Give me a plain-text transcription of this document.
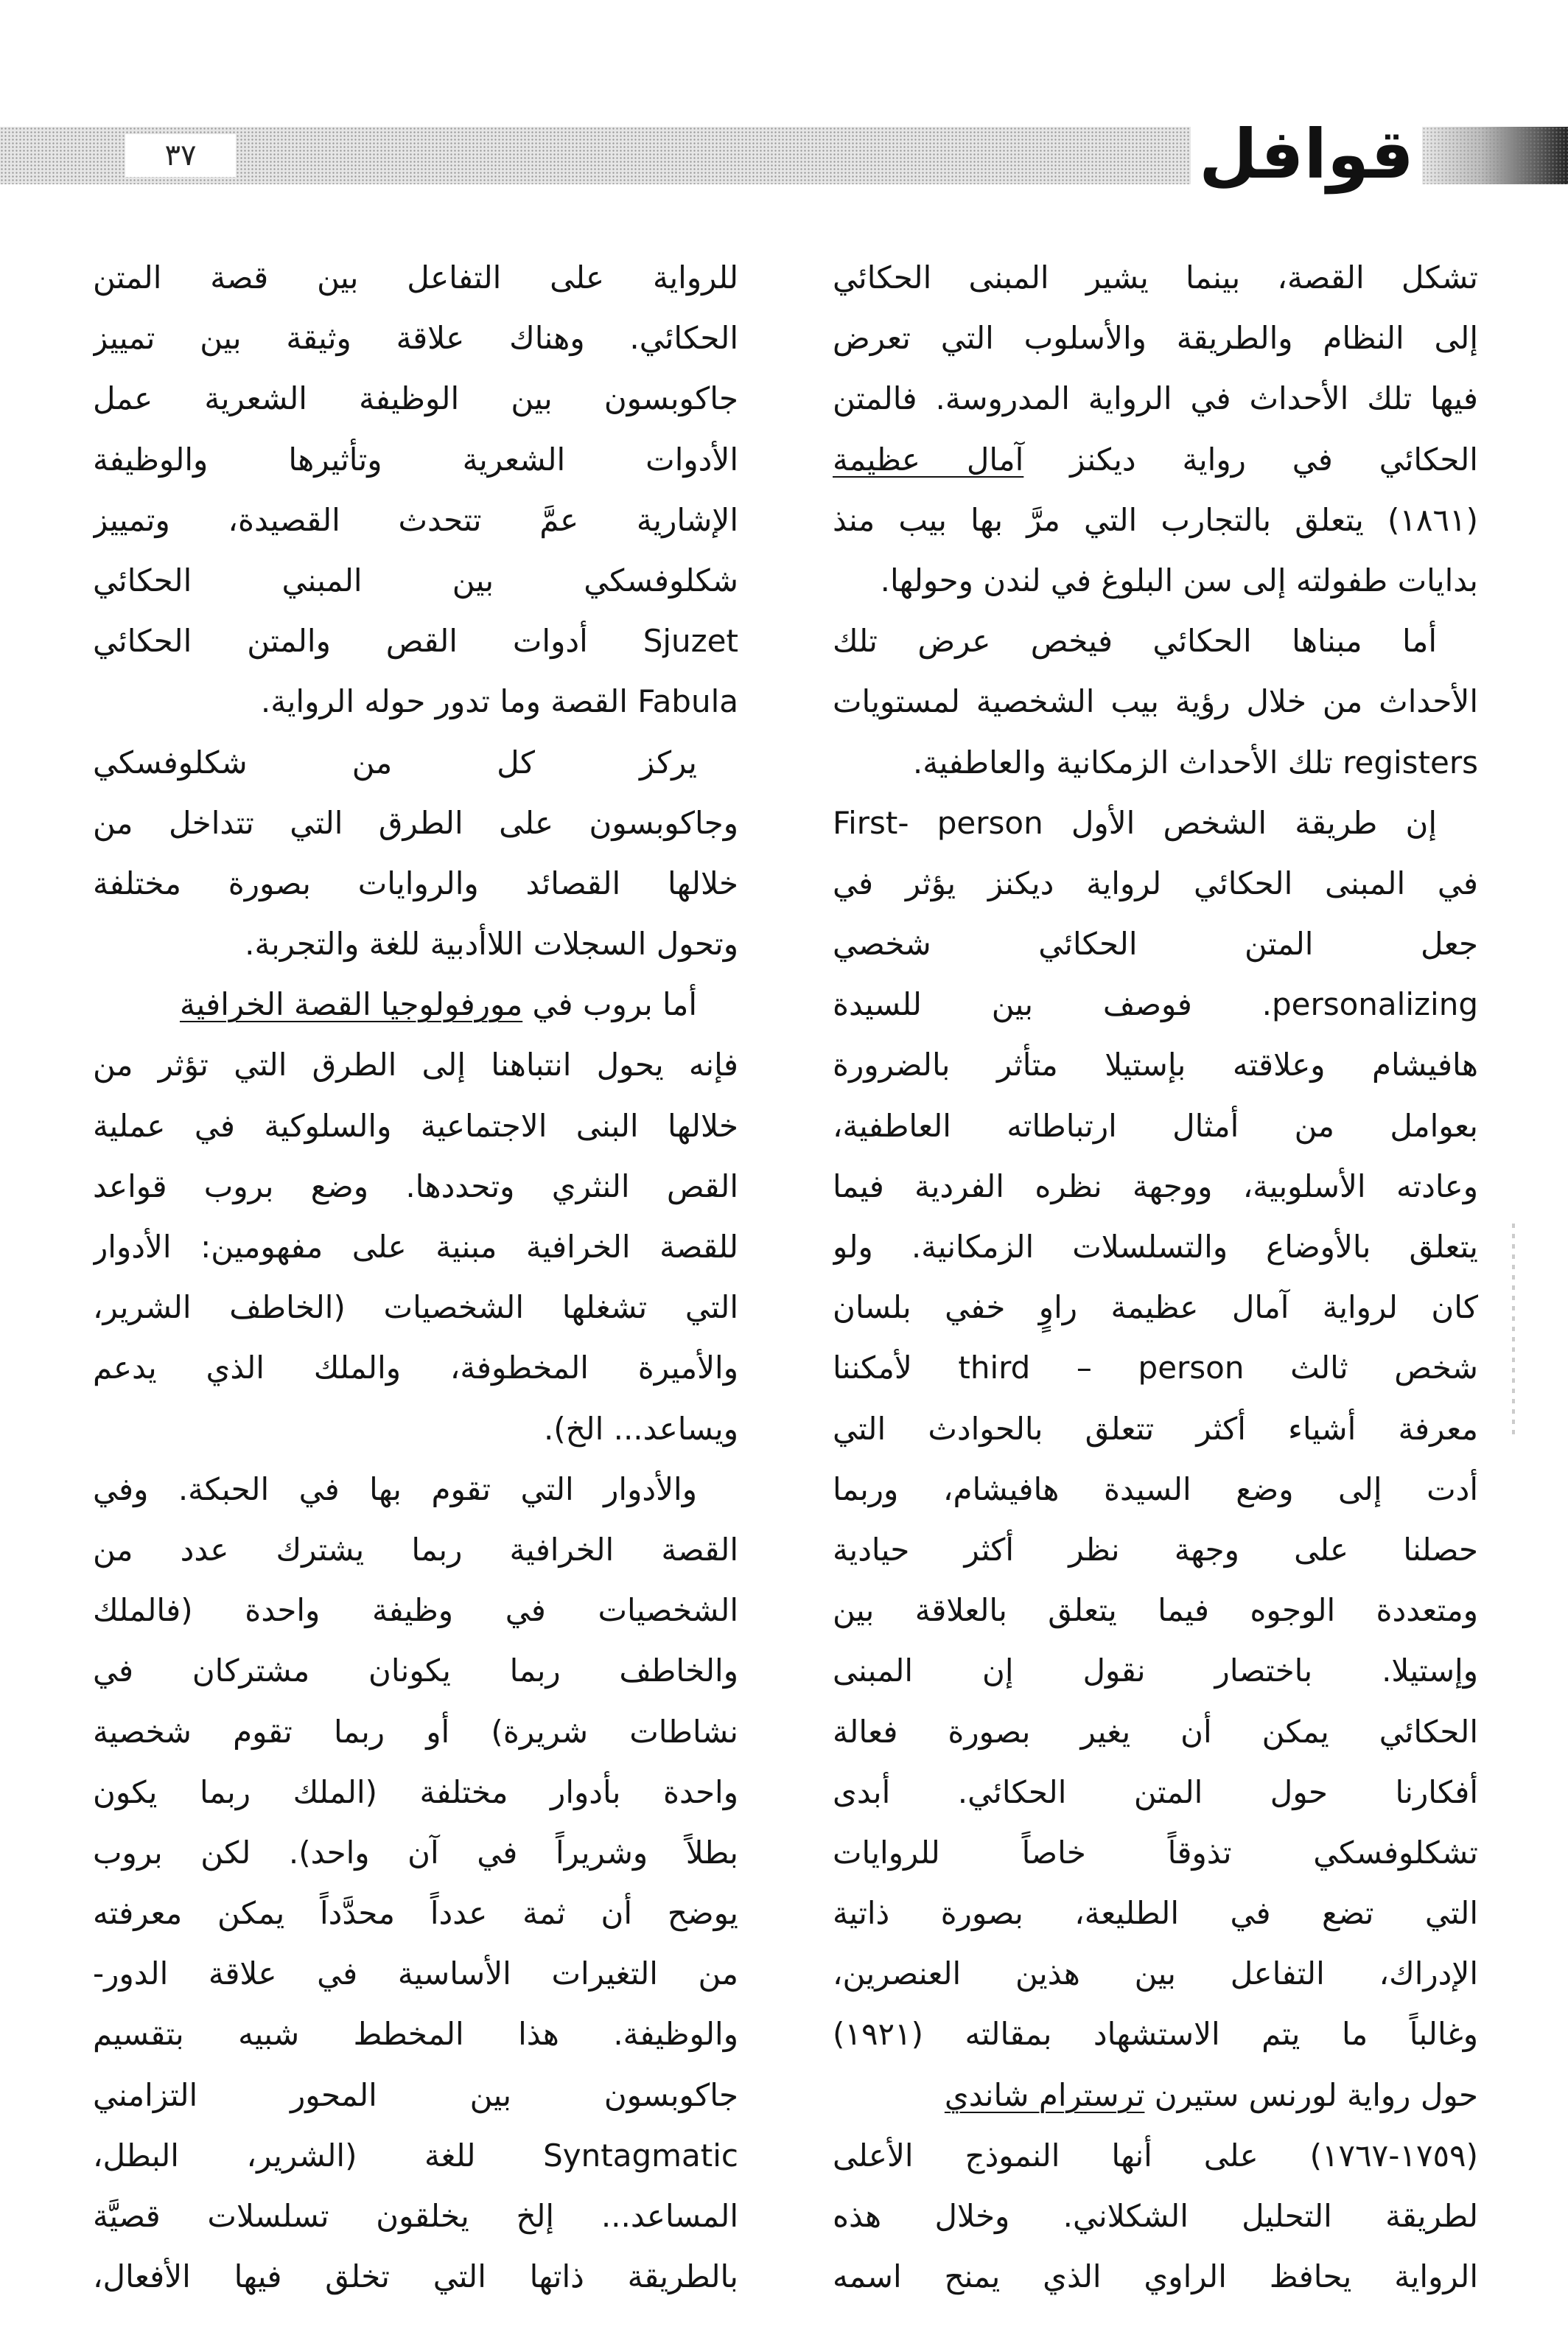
٣٧	قوافل
تشكل القصة، بينما يشير المبنى الحكائي
إلى النظام والطريقة والأسلوب التي تعرض
فيها تلك الأحداث في الرواية المدروسة. فالمتن
الحكائي في رواية ديكنز آمال عظيمة
(١٨٦١) يتعلق بالتجارب التي مرَّ بها بيب منذ
بدايات طفولته إلى سن البلوغ في لندن وحولها.
أما مبناها الحكائي فيخص عرض تلك
الأحداث من خلال رؤية بيب الشخصية لمستويات
registers تلك الأحداث الزمكانية والعاطفية.
إن طريقة الشخص الأول First- person
في المبنى الحكائي لرواية ديكنز يؤثر في
جعل المتن الحكائي شخصي
personalizing. فوصف بين للسيدة
هافيشام وعلاقته بإستيلا متأثر بالضرورة
بعوامل من أمثال ارتباطاته العاطفية،
وعادته الأسلوبية، ووجهة نظره الفردية فيما
يتعلق بالأوضاع والتسلسلات الزمكانية. ولو
كان لرواية آمال عظيمة راوٍ خفي بلسان
شخص ثالث third – person لأمكننا
معرفة أشياء أكثر تتعلق بالحوادث التي
أدت إلى وضع السيدة هافيشام، وربما
حصلنا على وجهة نظر أكثر حيادية
ومتعددة الوجوه فيما يتعلق بالعلاقة بين
وإستيلا. باختصار نقول إن المبنى
الحكائي يمكن أن يغير بصورة فعالة
أفكارنا حول المتن الحكائي. أبدى
تشكلوفسكي تذوقاً خاصاً للروايات
التي تضع في الطليعة، بصورة ذاتية
الإدراك، التفاعل بين هذين العنصرين،
وغالباً ما يتم الاستشهاد بمقالته (١٩٢١)
حول رواية لورنس ستيرن ترسترام شاندي
(١٧٥٩-١٧٦٧) على أنها النموذج الأعلى
لطريقة التحليل الشكلاني. وخلال هذه
الرواية يحافظ الراوي الذي يمنح اسمه
للرواية على التفاعل بين قصة المتن
الحكائي. وهناك علاقة وثيقة بين تمييز
جاكوبسون بين الوظيفة الشعرية عمل
الأدوات الشعرية وتأثيرها والوظيفة
الإشارية عمَّ تتحدث القصيدة، وتمييز
شكلوفسكي بين المبني الحكائي
Sjuzet أدوات القص والمتن الحكائي
Fabula القصة وما تدور حوله الرواية.
يركز كل من شكلوفسكي
وجاكوبسون على الطرق التي تتداخل من
خلالها القصائد والروايات بصورة مختلفة
وتحول السجلات اللاأدبية للغة والتجربة.
أما بروب في مورفولوجيا القصة الخرافية
فإنه يحول انتباهنا إلى الطرق التي تؤثر من
خلالها البنى الاجتماعية والسلوكية في عملية
القص النثري وتحددها. وضع بروب قواعد
للقصة الخرافية مبنية على مفهومين: الأدوار
التي تشغلها الشخصيات (الخاطف الشرير،
والأميرة المخطوفة، والملك الذي يدعم
ويساعد... الخ).
والأدوار التي تقوم بها في الحبكة. وفي
القصة الخرافية ربما يشترك عدد من
الشخصيات في وظيفة واحدة (فالملك
والخاطف ربما يكونان مشتركان في
نشاطات شريرة) أو ربما تقوم شخصية
واحدة بأدوار مختلفة (الملك ربما يكون
بطلاً وشريراً في آن واحد). لكن بروب
يوضح أن ثمة عدداً محدَّداً يمكن معرفته
من التغيرات الأساسية في علاقة الدور-
والوظيفة. هذا المخطط شبيه بتقسيم
جاكوبسون بين المحور التزامني
Syntagmatic للغة (الشرير، البطل،
المساعد... إلخ يخلقون تسلسلات قصيَّة
بالطريقة ذاتها التي تخلق فيها الأفعال،
